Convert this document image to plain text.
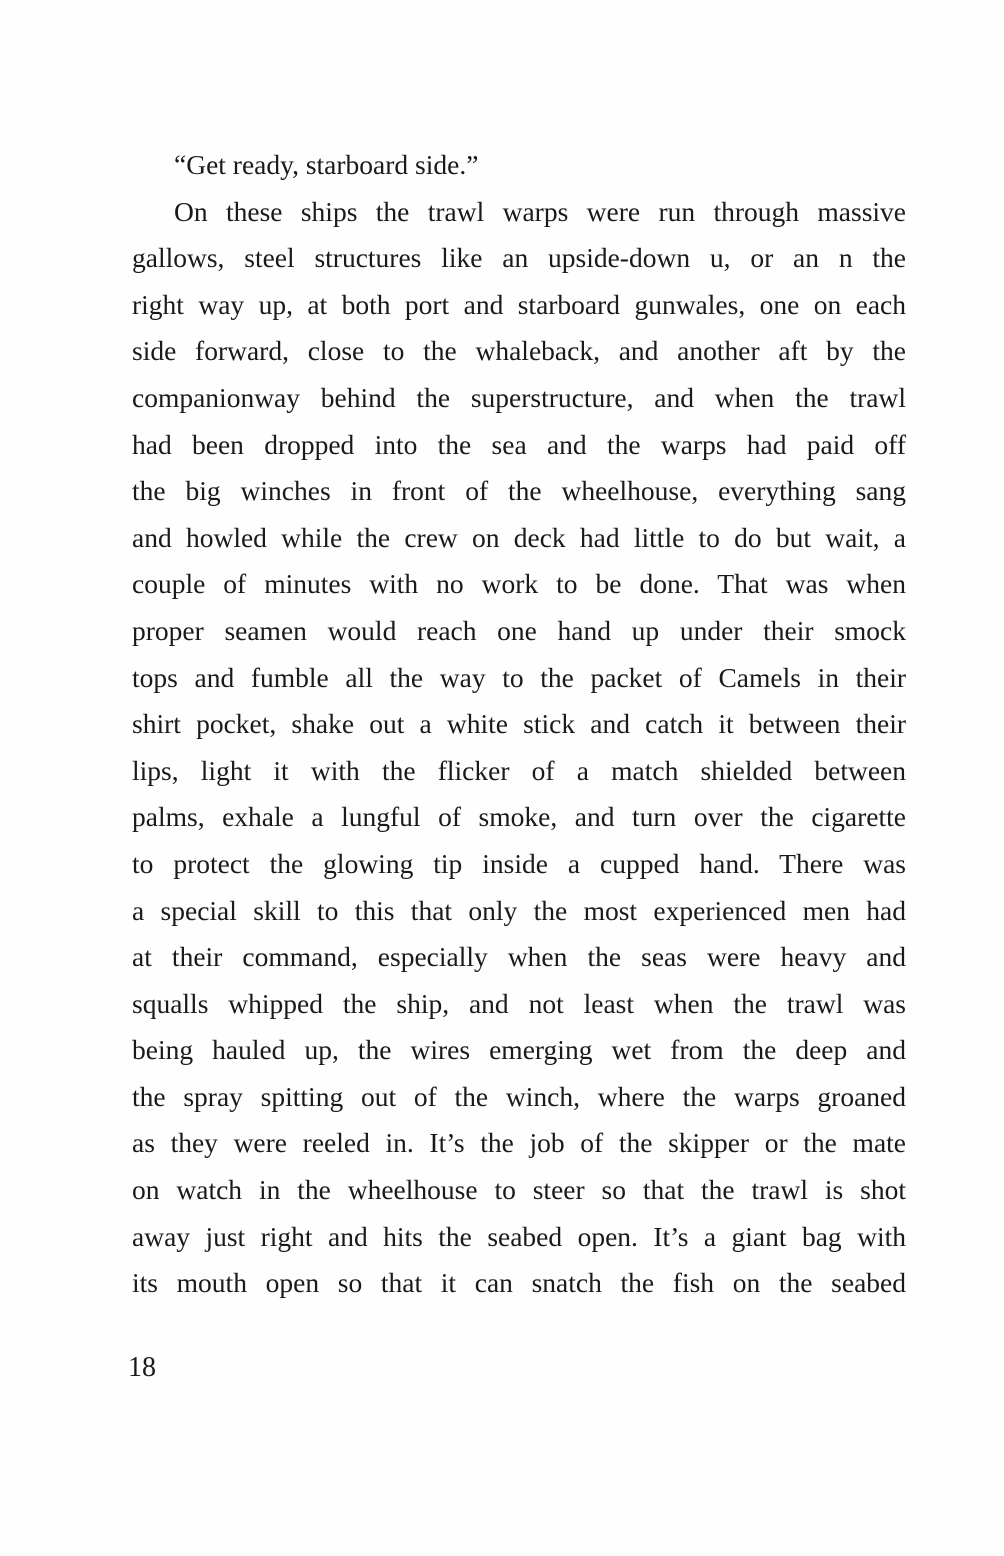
“Get ready, starboard side.”
On these ships the trawl warps were run through massive
gallows, steel structures like an upside-down u, or an n the
right way up, at both port and starboard gunwales, one on each
side forward, close to the whaleback, and another aft by the
companionway behind the superstructure, and when the trawl
had been dropped into the sea and the warps had paid off
the big winches in front of the wheelhouse, everything sang
and howled while the crew on deck had little to do but wait, a
couple of minutes with no work to be done. That was when
proper seamen would reach one hand up under their smock
tops and fumble all the way to the packet of Camels in their
shirt pocket, shake out a white stick and catch it between their
lips, light it with the flicker of a match shielded between
palms, exhale a lungful of smoke, and turn over the cigarette
to protect the glowing tip inside a cupped hand. There was
a special skill to this that only the most experienced men had
at their command, especially when the seas were heavy and
squalls whipped the ship, and not least when the trawl was
being hauled up, the wires emerging wet from the deep and
the spray spitting out of the winch, where the warps groaned
as they were reeled in. It’s the job of the skipper or the mate
on watch in the wheelhouse to steer so that the trawl is shot
away just right and hits the seabed open. It’s a giant bag with
its mouth open so that it can snatch the fish on the seabed
18
